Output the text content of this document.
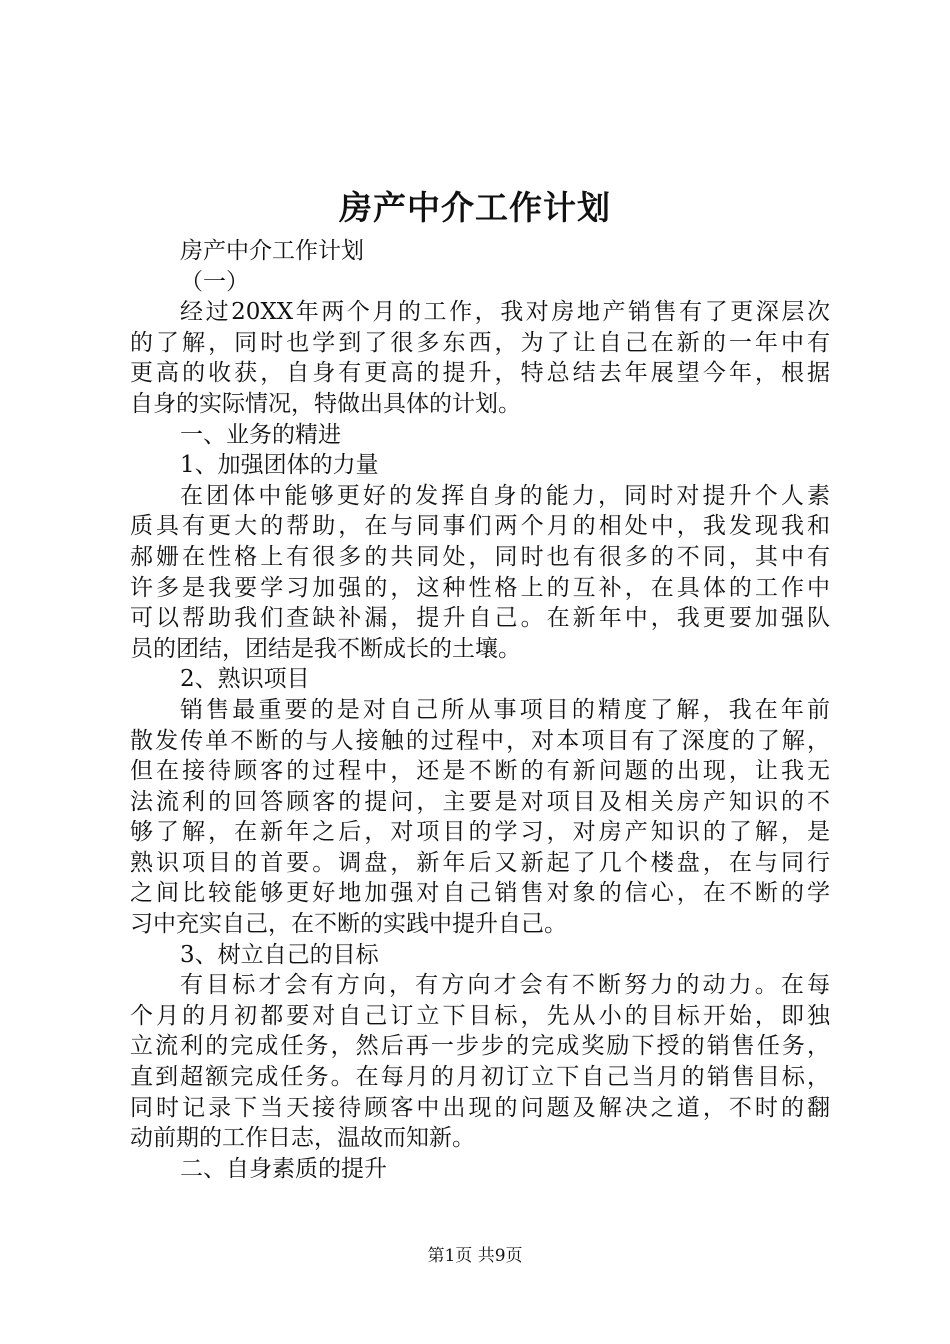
房产中介工作计划
房产中介工作计划
（一）
经过20XX年两个月的工作，我对房地产销售有了更深层次
的了解，同时也学到了很多东西，为了让自己在新的一年中有
更高的收获，自身有更高的提升，特总结去年展望今年，根据
自身的实际情况，特做出具体的计划。
一、业务的精进
1、加强团体的力量
在团体中能够更好的发挥自身的能力，同时对提升个人素
质具有更大的帮助，在与同事们两个月的相处中，我发现我和
郝姗在性格上有很多的共同处，同时也有很多的不同，其中有
许多是我要学习加强的，这种性格上的互补，在具体的工作中
可以帮助我们查缺补漏，提升自己。在新年中，我更要加强队
员的团结，团结是我不断成长的土壤。
2、熟识项目
销售最重要的是对自己所从事项目的精度了解，我在年前
散发传单不断的与人接触的过程中，对本项目有了深度的了解，
但在接待顾客的过程中，还是不断的有新问题的出现，让我无
法流利的回答顾客的提问，主要是对项目及相关房产知识的不
够了解，在新年之后，对项目的学习，对房产知识的了解，是
熟识项目的首要。调盘，新年后又新起了几个楼盘，在与同行
之间比较能够更好地加强对自己销售对象的信心，在不断的学
习中充实自己，在不断的实践中提升自己。
3、树立自己的目标
有目标才会有方向，有方向才会有不断努力的动力。在每
个月的月初都要对自己订立下目标，先从小的目标开始，即独
立流利的完成任务，然后再一步步的完成奖励下授的销售任务，
直到超额完成任务。在每月的月初订立下自己当月的销售目标，
同时记录下当天接待顾客中出现的问题及解决之道，不时的翻
动前期的工作日志，温故而知新。
二、自身素质的提升
第1页 共9页
